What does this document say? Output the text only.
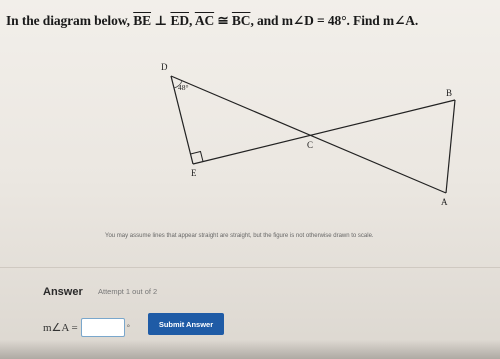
In the diagram below, $\overline{BE}$ ⊥ $\overline{ED}$, $\overline{AC}$ ≅ $\overline{BC}$, and m∠D = 48°. Find m∠A.
D
48°
B
C
E
A
You may assume lines that appear straight are straight, but the figure is not otherwise drawn to scale.
Answer Attempt 1 out of 2
m∠A =	°	Submit Answer
